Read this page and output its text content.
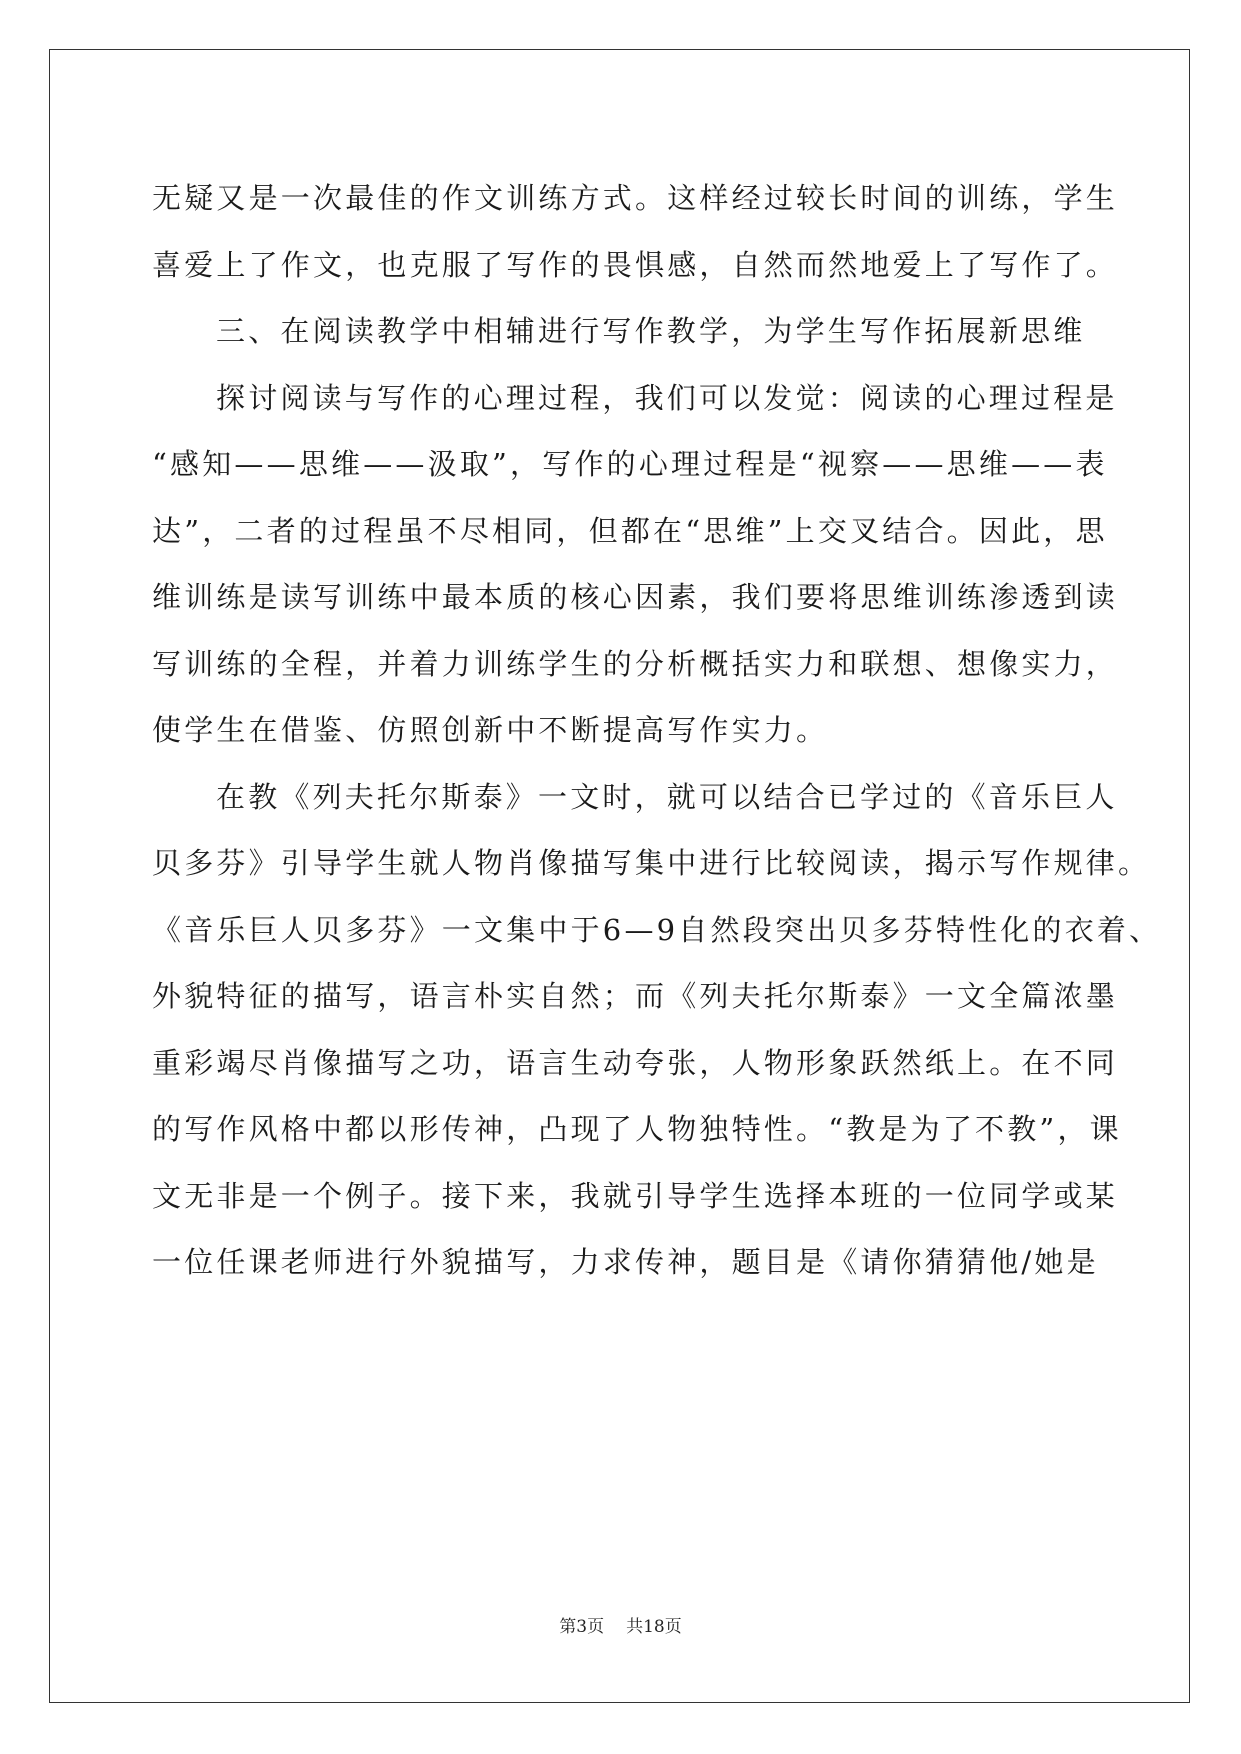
无疑又是一次最佳的作文训练方式。这样经过较长时间的训练，学生
喜爱上了作文，也克服了写作的畏惧感，自然而然地爱上了写作了。
三、在阅读教学中相辅进行写作教学，为学生写作拓展新思维
探讨阅读与写作的心理过程，我们可以发觉：阅读的心理过程是
“感知——思维——汲取”，写作的心理过程是“视察——思维——表
达”，二者的过程虽不尽相同，但都在“思维”上交叉结合。因此，思
维训练是读写训练中最本质的核心因素，我们要将思维训练渗透到读
写训练的全程，并着力训练学生的分析概括实力和联想、想像实力，
使学生在借鉴、仿照创新中不断提高写作实力。
在教《列夫托尔斯泰》一文时，就可以结合已学过的《音乐巨人
贝多芬》引导学生就人物肖像描写集中进行比较阅读，揭示写作规律。
《音乐巨人贝多芬》一文集中于6—9自然段突出贝多芬特性化的衣着、
外貌特征的描写，语言朴实自然；而《列夫托尔斯泰》一文全篇浓墨
重彩竭尽肖像描写之功，语言生动夸张，人物形象跃然纸上。在不同
的写作风格中都以形传神，凸现了人物独特性。“教是为了不教”，课
文无非是一个例子。接下来，我就引导学生选择本班的一位同学或某
一位任课老师进行外貌描写，力求传神，题目是《请你猜猜他/她是
第3页 共18页
